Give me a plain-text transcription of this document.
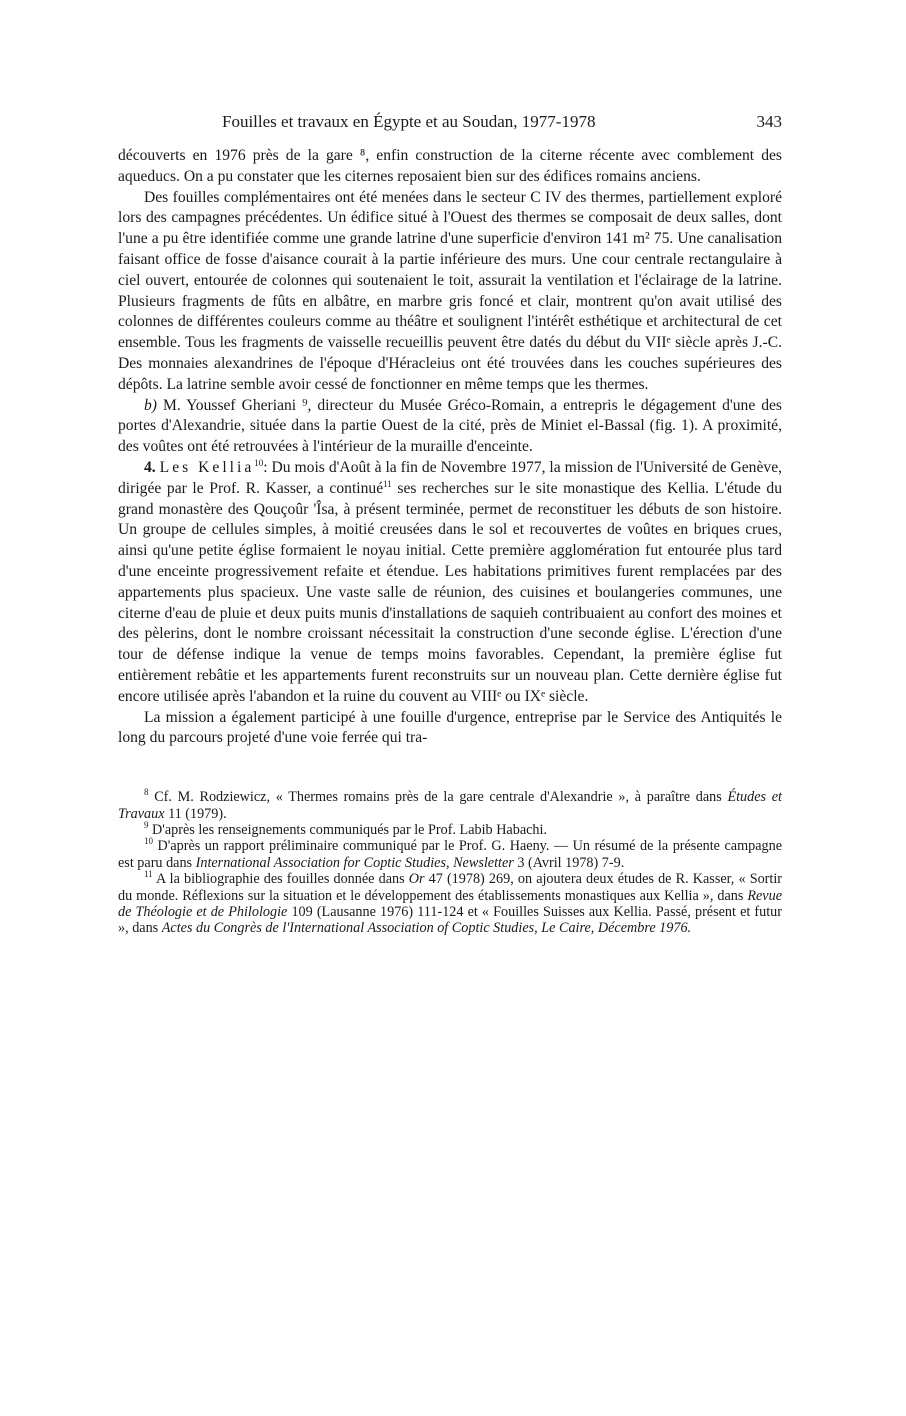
Fouilles et travaux en Égypte et au Soudan, 1977-1978	343

découverts en 1976 près de la gare ⁸, enfin construction de la citerne récente avec comblement des aqueducs. On a pu constater que les citernes reposaient bien sur des édifices romains anciens.

Des fouilles complémentaires ont été menées dans le secteur C IV des thermes, partiellement exploré lors des campagnes précédentes. Un édifice situé à l'Ouest des thermes se composait de deux salles, dont l'une a pu être identifiée comme une grande latrine d'une superficie d'environ 141 m² 75. Une canalisation faisant office de fosse d'aisance courait à la partie inférieure des murs. Une cour centrale rectangulaire à ciel ouvert, entourée de colonnes qui soutenaient le toit, assurait la ventilation et l'éclairage de la latrine. Plusieurs fragments de fûts en albâtre, en marbre gris foncé et clair, montrent qu'on avait utilisé des colonnes de différentes couleurs comme au théâtre et soulignent l'intérêt esthétique et architectural de cet ensemble. Tous les fragments de vaisselle recueillis peuvent être datés du début du VIIᵉ siècle après J.-C. Des monnaies alexandrines de l'époque d'Héracleius ont été trouvées dans les couches supérieures des dépôts. La latrine semble avoir cessé de fonctionner en même temps que les thermes.

b) M. Youssef Gheriani ⁹, directeur du Musée Gréco-Romain, a entrepris le dégagement d'une des portes d'Alexandrie, située dans la partie Ouest de la cité, près de Miniet el-Bassal (fig. 1). A proximité, des voûtes ont été retrouvées à l'intérieur de la muraille d'enceinte.

4. Les Kellia$^{10}$: Du mois d'Août à la fin de Novembre 1977, la mission de l'Université de Genève, dirigée par le Prof. R. Kasser, a continué$^{11}$ ses recherches sur le site monastique des Kellia. L'étude du grand monastère des Qouçoûr 'Îsa, à présent terminée, permet de reconstituer les débuts de son histoire. Un groupe de cellules simples, à moitié creusées dans le sol et recouvertes de voûtes en briques crues, ainsi qu'une petite église formaient le noyau initial. Cette première agglomération fut entourée plus tard d'une enceinte progressivement refaite et étendue. Les habitations primitives furent remplacées par des appartements plus spacieux. Une vaste salle de réunion, des cuisines et boulangeries communes, une citerne d'eau de pluie et deux puits munis d'installations de saquieh contribuaient au confort des moines et des pèlerins, dont le nombre croissant nécessitait la construction d'une seconde église. L'érection d'une tour de défense indique la venue de temps moins favorables. Cependant, la première église fut entièrement rebâtie et les appartements furent reconstruits sur un nouveau plan. Cette dernière église fut encore utilisée après l'abandon et la ruine du couvent au VIIIᵉ ou IXᵉ siècle.

La mission a également participé à une fouille d'urgence, entreprise par le Service des Antiquités le long du parcours projeté d'une voie ferrée qui tra-

$^8$ Cf. M. Rodziewicz, « Thermes romains près de la gare centrale d'Alexandrie », à paraître dans Études et Travaux 11 (1979).

$^9$ D'après les renseignements communiqués par le Prof. Labib Habachi.

$^{10}$ D'après un rapport préliminaire communiqué par le Prof. G. Haeny. — Un résumé de la présente campagne est paru dans International Association for Coptic Studies, Newsletter 3 (Avril 1978) 7-9.

$^{11}$ A la bibliographie des fouilles donnée dans Or 47 (1978) 269, on ajoutera deux études de R. Kasser, « Sortir du monde. Réflexions sur la situation et le développement des établissements monastiques aux Kellia », dans Revue de Théologie et de Philologie 109 (Lausanne 1976) 111-124 et « Fouilles Suisses aux Kellia. Passé, présent et futur », dans Actes du Congrès de l'International Association of Coptic Studies, Le Caire, Décembre 1976.
